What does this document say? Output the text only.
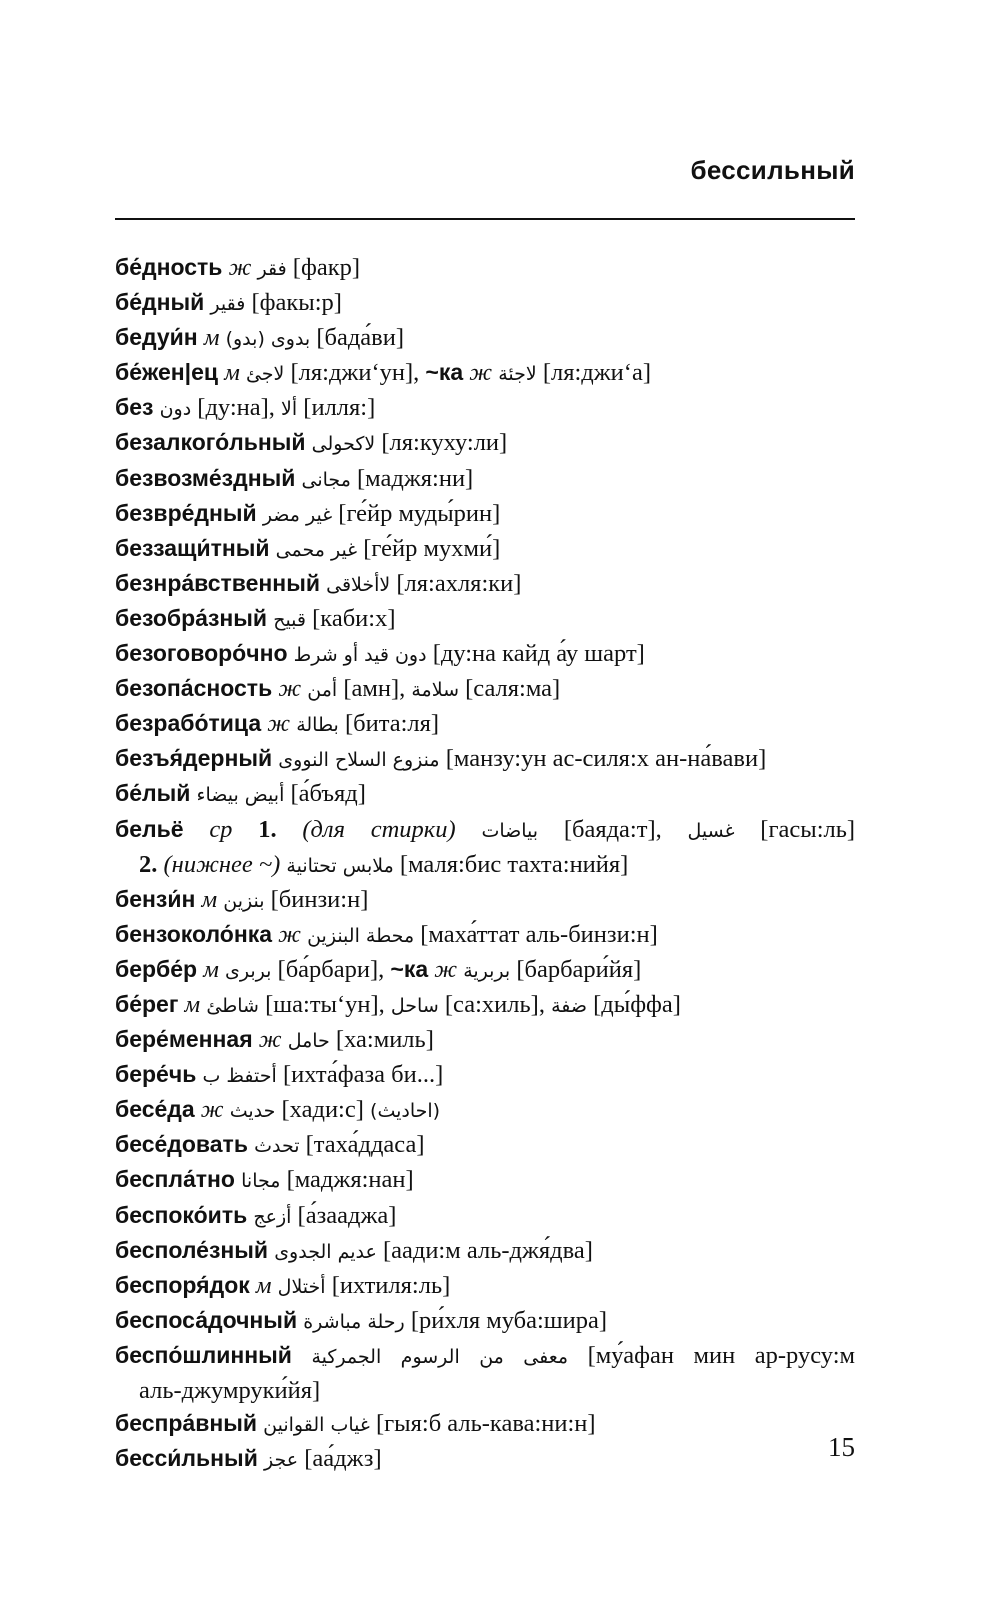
бессильный
бе́дность ж فقر [факр]
бе́дный فقير [факы:р]
бедуи́н м بدوى (بدو) [бада́ви]
бе́жен|ец м لاجئ [ля:джи‘ун], ~ка ж لاجئة [ля:джи‘а]
без دون [ду:на], ألا [илля:]
безалкого́льный لاكحولى [ля:куху:ли]
безвозме́здный مجانى [маджя:ни]
безвре́дный غير مضر [ге́йр муды́рин]
беззащи́тный غير محمى [ге́йр мухми́]
безнра́вственный لاأخلاقى [ля:ахля:ки]
безобра́зный قبيح [каби:х]
безоговоро́чно دون قيد أو شرط [ду:на кайд а́у шарт]
безопа́сность ж أمن [амн], سلامة [саля:ма]
безрабо́тица ж بطالة [бита:ля]
безъя́дерный منزوع السلاح النووى [манзу:ун ас-силя:х ан-на́вави]
бе́лый أبيض بيضاء [а́бъяд]
бельё ср 1. (для стирки) بياضات [баяда:т], غسيل [гасы:ль]
2. (нижнее ~) ملابس تحتانية [маля:бис тахта:нийя]
бензи́н м بنزين [бинзи:н]
бензоколо́нка ж محطة البنزين [маха́ттат аль-бинзи:н]
бербе́р м بربرى [ба́рбари], ~ка ж بربرية [барбари́йя]
бе́рег м شاطئ [ша:ты‘ун], ساحل [са:хиль], ضفة [ды́ффа]
бере́менная ж حامل [ха:миль]
бере́чь أحتفظ ب [ихта́фаза би...]
бесе́да ж حديث [хади:с] (احاديث)
бесе́довать تحدث [таха́ддаса]
беспла́тно مجانا [маджя:нан]
беспоко́ить أزعج [а́зааджа]
бесполе́зный عديم الجدوى [аади:м аль-джя́два]
беспоря́док м أختلال [ихтиля:ль]
беспоса́дочный رحلة مباشرة [ри́хля муба:шира]
беспо́шлинный معفى من الرسوم الجمركية [му́афан мин ар-русу:м
аль-джумруки́йя]
беспра́вный غياب القوانين [гыя:б аль-кава:ни:н]
бесси́льный عجز [аа́джз]	15
